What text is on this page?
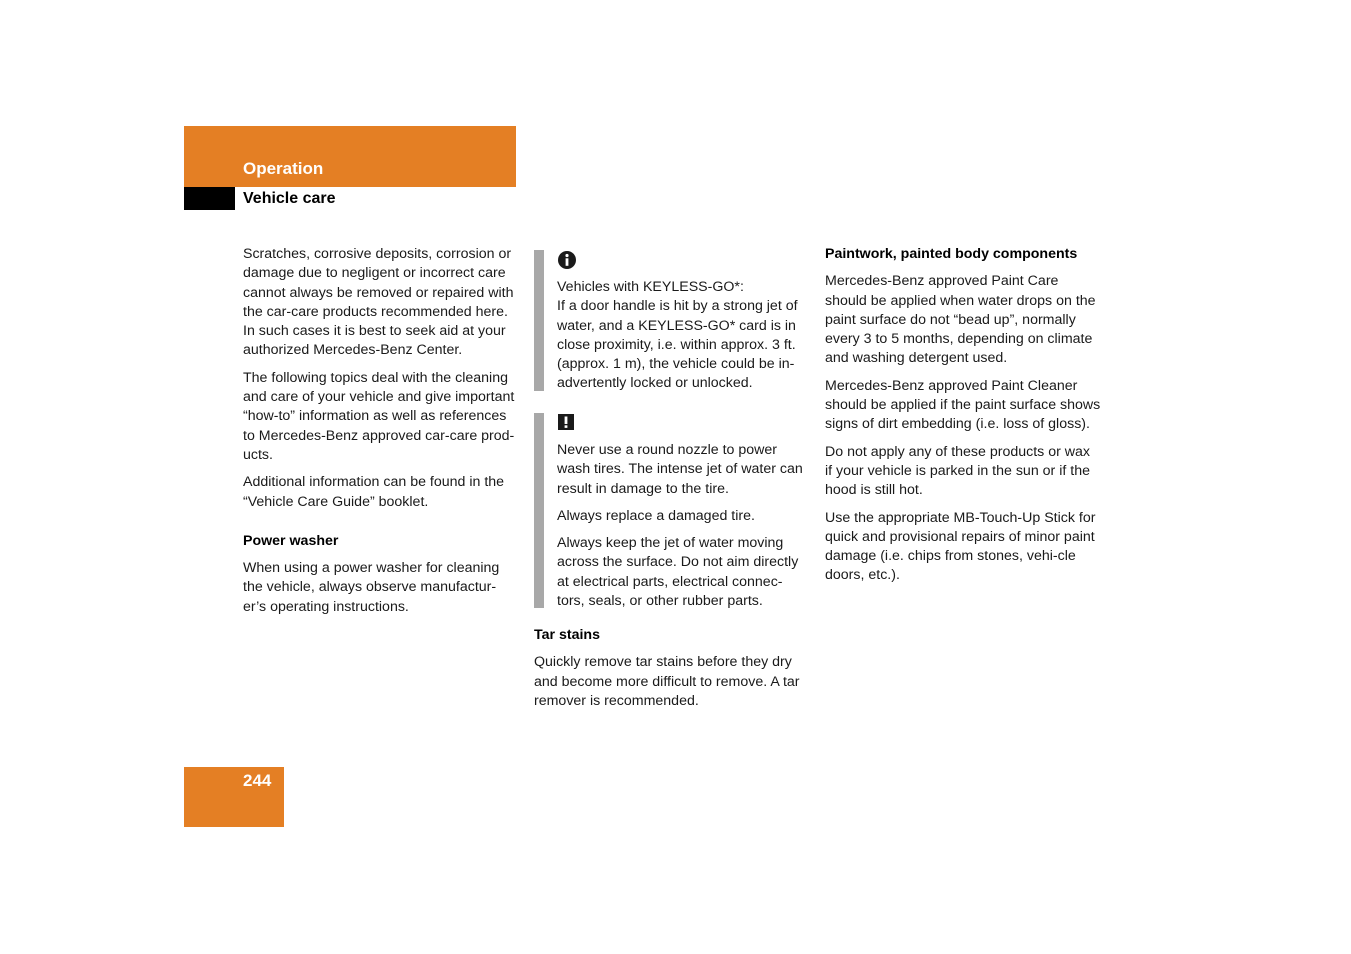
Operation
Vehicle care

Scratches, corrosive deposits, corrosion or damage due to negligent or incorrect care cannot always be removed or repaired with the car-care products recommended here. In such cases it is best to seek aid at your authorized Mercedes-Benz Center.

The following topics deal with the cleaning and care of your vehicle and give important “how-to” information as well as references to Mercedes-Benz approved car-care prod-ucts.

Additional information can be found in the “Vehicle Care Guide” booklet.

Power washer

When using a power washer for cleaning the vehicle, always observe manufactur-er’s operating instructions.

Vehicles with KEYLESS-GO*:

If a door handle is hit by a strong jet of water, and a KEYLESS-GO* card is in close proximity, i.e. within approx. 3 ft. (approx. 1 m), the vehicle could be in-advertently locked or unlocked.

Never use a round nozzle to power wash tires. The intense jet of water can result in damage to the tire.

Always replace a damaged tire.

Always keep the jet of water moving across the surface. Do not aim directly at electrical parts, electrical connec-tors, seals, or other rubber parts.

Tar stains

Quickly remove tar stains before they dry and become more difficult to remove. A tar remover is recommended.

Paintwork, painted body components

Mercedes-Benz approved Paint Care should be applied when water drops on the paint surface do not “bead up”, normally every 3 to 5 months, depending on climate and washing detergent used.

Mercedes-Benz approved Paint Cleaner should be applied if the paint surface shows signs of dirt embedding (i.e. loss of gloss).

Do not apply any of these products or wax if your vehicle is parked in the sun or if the hood is still hot.

Use the appropriate MB-Touch-Up Stick for quick and provisional repairs of minor paint damage (i.e. chips from stones, vehi-cle doors, etc.).

244
